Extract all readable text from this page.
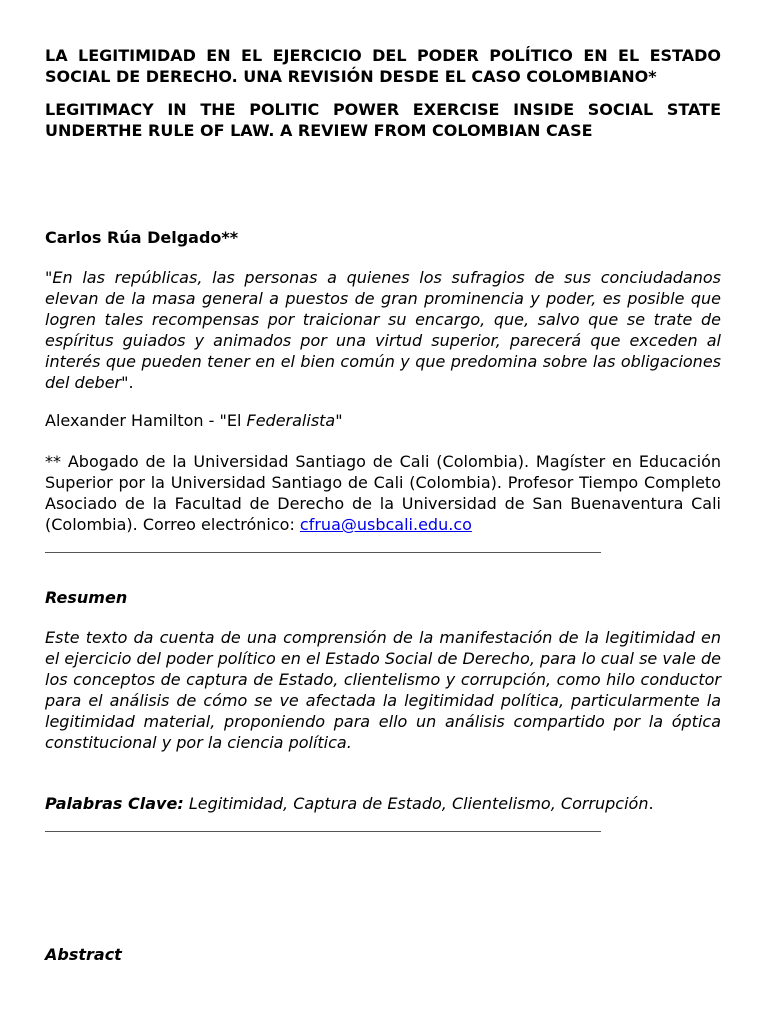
LA LEGITIMIDAD EN EL EJERCICIO DEL PODER POLÍTICO EN EL ESTADO SOCIAL DE DERECHO. UNA REVISIÓN DESDE EL CASO COLOMBIANO*

LEGITIMACY IN THE POLITIC POWER EXERCISE INSIDE SOCIAL STATE UNDERTHE RULE OF LAW. A REVIEW FROM COLOMBIAN CASE

Carlos Rúa Delgado**

"En las repúblicas, las personas a quienes los sufragios de sus conciudadanos elevan de la masa general a puestos de gran prominencia y poder, es posible que logren tales recompensas por traicionar su encargo, que, salvo que se trate de espíritus guiados y animados por una virtud superior, parecerá que exceden al interés que pueden tener en el bien común y que predomina sobre las obligaciones del deber".

Alexander Hamilton - "El Federalista"

** Abogado de la Universidad Santiago de Cali (Colombia). Magíster en Educación Superior por la Universidad Santiago de Cali (Colombia). Profesor Tiempo Completo Asociado de la Facultad de Derecho de la Universidad de San Buenaventura Cali (Colombia). Correo electrónico: cfrua@usbcali.edu.co

Resumen

Este texto da cuenta de una comprensión de la manifestación de la legitimidad en el ejercicio del poder político en el Estado Social de Derecho, para lo cual se vale de los conceptos de captura de Estado, clientelismo y corrupción, como hilo conductor para el análisis de cómo se ve afectada la legitimidad política, particularmente la legitimidad material, proponiendo para ello un análisis compartido por la óptica constitucional y por la ciencia política.

Palabras Clave: Legitimidad, Captura de Estado, Clientelismo, Corrupción.

Abstract
